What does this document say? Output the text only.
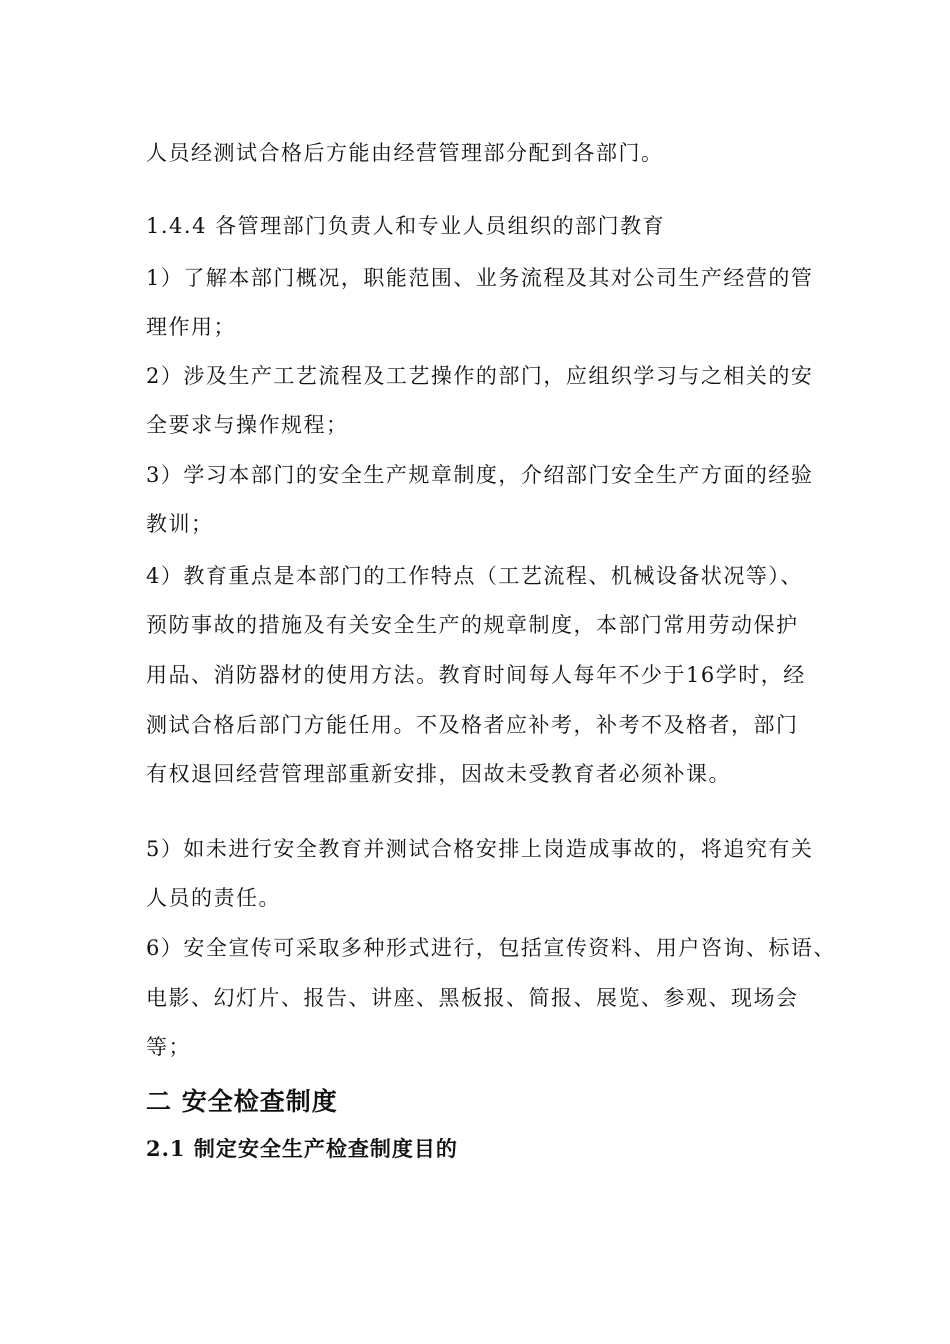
人员经测试合格后方能由经营管理部分配到各部门。
1.4.4 各管理部门负责人和专业人员组织的部门教育
1）了解本部门概况，职能范围、业务流程及其对公司生产经营的管
理作用；
2）涉及生产工艺流程及工艺操作的部门，应组织学习与之相关的安
全要求与操作规程；
3）学习本部门的安全生产规章制度，介绍部门安全生产方面的经验
教训；
4）教育重点是本部门的工作特点（工艺流程、机械设备状况等）、
预防事故的措施及有关安全生产的规章制度，本部门常用劳动保护
用品、消防器材的使用方法。教育时间每人每年不少于16学时，经
测试合格后部门方能任用。不及格者应补考，补考不及格者，部门
有权退回经营管理部重新安排，因故未受教育者必须补课。
5）如未进行安全教育并测试合格安排上岗造成事故的，将追究有关
人员的责任。
6）安全宣传可采取多种形式进行，包括宣传资料、用户咨询、标语、
电影、幻灯片、报告、讲座、黑板报、简报、展览、参观、现场会
等；
二 安全检查制度
2.1 制定安全生产检查制度目的
